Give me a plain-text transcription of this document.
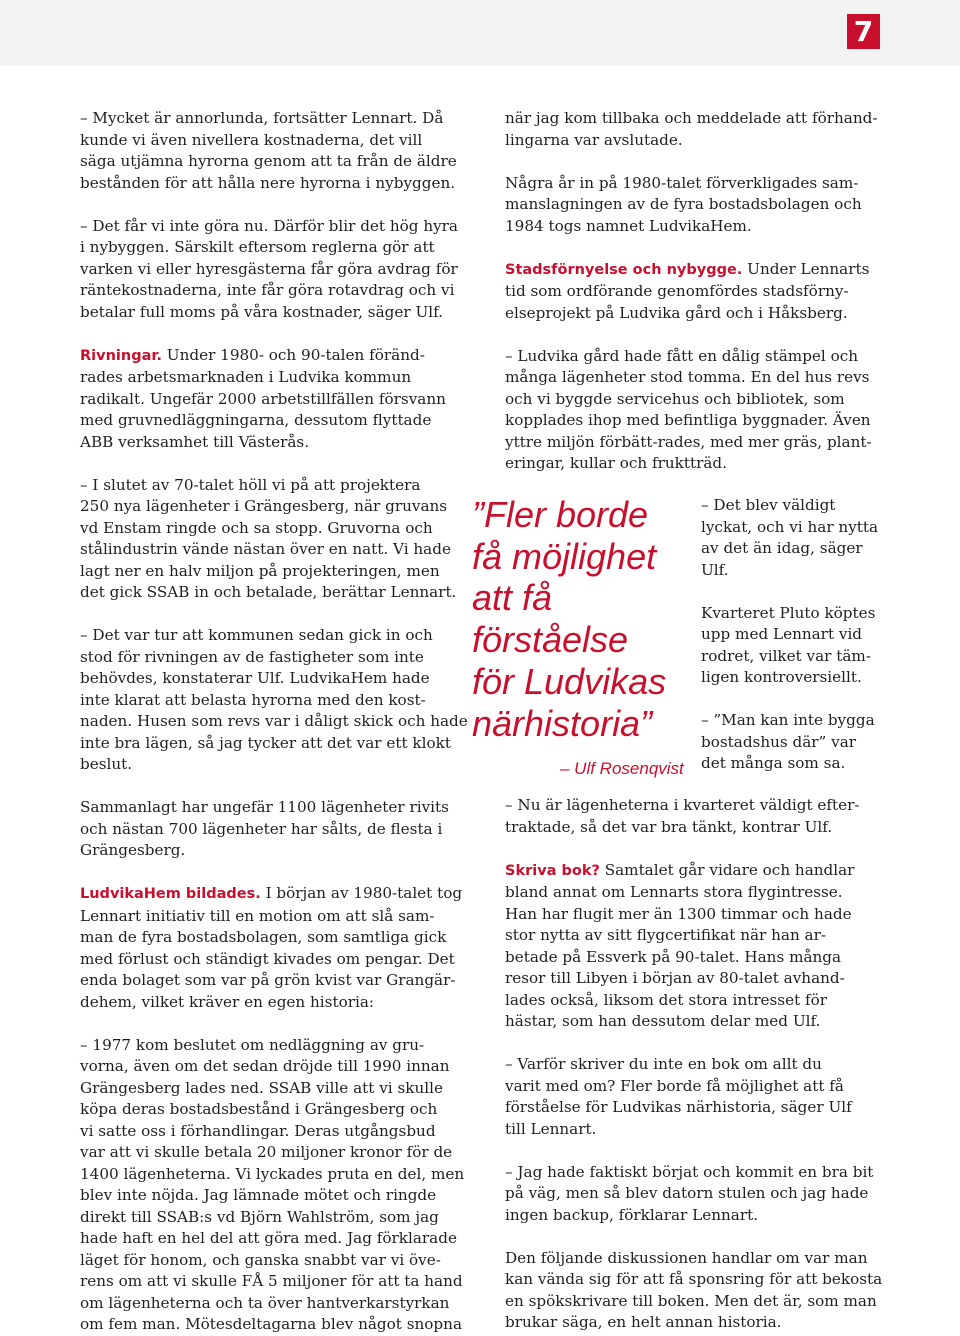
7

– Mycket är annorlunda, fortsätter Lennart. Då
kunde vi även nivellera kostnaderna, det vill
säga utjämna hyrorna genom att ta från de äldre
bestånden för att hålla nere hyrorna i nybyggen.

– Det får vi inte göra nu. Därför blir det hög hyra
i nybyggen. Särskilt eftersom reglerna gör att
varken vi eller hyresgästerna får göra avdrag för
räntekostnaderna, inte får göra rotavdrag och vi
betalar full moms på våra kostnader, säger Ulf.

Rivningar. Under 1980- och 90-talen föränd-
rades arbetsmarknaden i Ludvika kommun
radikalt. Ungefär 2000 arbetstillfällen försvann
med gruvnedläggningarna, dessutom flyttade
ABB verksamhet till Västerås.

– I slutet av 70-talet höll vi på att projektera
250 nya lägenheter i Grängesberg, när gruvans
vd Enstam ringde och sa stopp. Gruvorna och
stålindustrin vände nästan över en natt. Vi hade
lagt ner en halv miljon på projekteringen, men
det gick SSAB in och betalade, berättar Lennart.

– Det var tur att kommunen sedan gick in och
stod för rivningen av de fastigheter som inte
behövdes, konstaterar Ulf. LudvikaHem hade
inte klarat att belasta hyrorna med den kost-
naden. Husen som revs var i dåligt skick och hade
inte bra lägen, så jag tycker att det var ett klokt
beslut.

Sammanlagt har ungefär 1100 lägenheter rivits
och nästan 700 lägenheter har sålts, de flesta i
Grängesberg.

LudvikaHem bildades. I början av 1980-talet tog
Lennart initiativ till en motion om att slå sam-
man de fyra bostadsbolagen, som samtliga gick
med förlust och ständigt kivades om pengar. Det
enda bolaget som var på grön kvist var Grangär-
dehem, vilket kräver en egen historia:

– 1977 kom beslutet om nedläggning av gru-
vorna, även om det sedan dröjde till 1990 innan
Grängesberg lades ned. SSAB ville att vi skulle
köpa deras bostadsbestånd i Grängesberg och
vi satte oss i förhandlingar. Deras utgångsbud
var att vi skulle betala 20 miljoner kronor för de
1400 lägenheterna. Vi lyckades pruta en del, men
blev inte nöjda. Jag lämnade mötet och ringde
direkt till SSAB:s vd Björn Wahlström, som jag
hade haft en hel del att göra med. Jag förklarade
läget för honom, och ganska snabbt var vi öve-
rens om att vi skulle FÅ 5 miljoner för att ta hand
om lägenheterna och ta över hantverkarstyrkan
om fem man. Mötesdeltagarna blev något snopna

när jag kom tillbaka och meddelade att förhand-
lingarna var avslutade.

Några år in på 1980-talet förverkligades sam-
manslagningen av de fyra bostadsbolagen och
1984 togs namnet LudvikaHem.

Stadsförnyelse och nybygge. Under Lennarts
tid som ordförande genomfördes stadsförny-
elseprojekt på Ludvika gård och i Håksberg.

– Ludvika gård hade fått en dålig stämpel och
många lägenheter stod tomma. En del hus revs
och vi byggde servicehus och bibliotek, som
kopplades ihop med befintliga byggnader. Även
yttre miljön förbätt-rades, med mer gräs, plant-
eringar, kullar och fruktträd.

”Fler borde
få möjlighet
att få
förståelse
för Ludvikas
närhistoria”
– Ulf Rosenqvist

– Det blev väldigt
lyckat, och vi har nytta
av det än idag, säger
Ulf.

Kvarteret Pluto köptes
upp med Lennart vid
rodret, vilket var täm-
ligen kontroversiellt.

– ”Man kan inte bygga
bostadshus där” var
det många som sa.

– Nu är lägenheterna i kvarteret väldigt efter-
traktade, så det var bra tänkt, kontrar Ulf.

Skriva bok? Samtalet går vidare och handlar
bland annat om Lennarts stora flygintresse.
Han har flugit mer än 1300 timmar och hade
stor nytta av sitt flygcertifikat när han ar-
betade på Essverk på 90-talet. Hans många
resor till Libyen i början av 80-talet avhand-
lades också, liksom det stora intresset för
hästar, som han dessutom delar med Ulf.

– Varför skriver du inte en bok om allt du
varit med om? Fler borde få möjlighet att få
förståelse för Ludvikas närhistoria, säger Ulf
till Lennart.

– Jag hade faktiskt börjat och kommit en bra bit
på väg, men så blev datorn stulen och jag hade
ingen backup, förklarar Lennart.

Den följande diskussionen handlar om var man
kan vända sig för att få sponsring för att bekosta
en spökskrivare till boken. Men det är, som man
brukar säga, en helt annan historia.
